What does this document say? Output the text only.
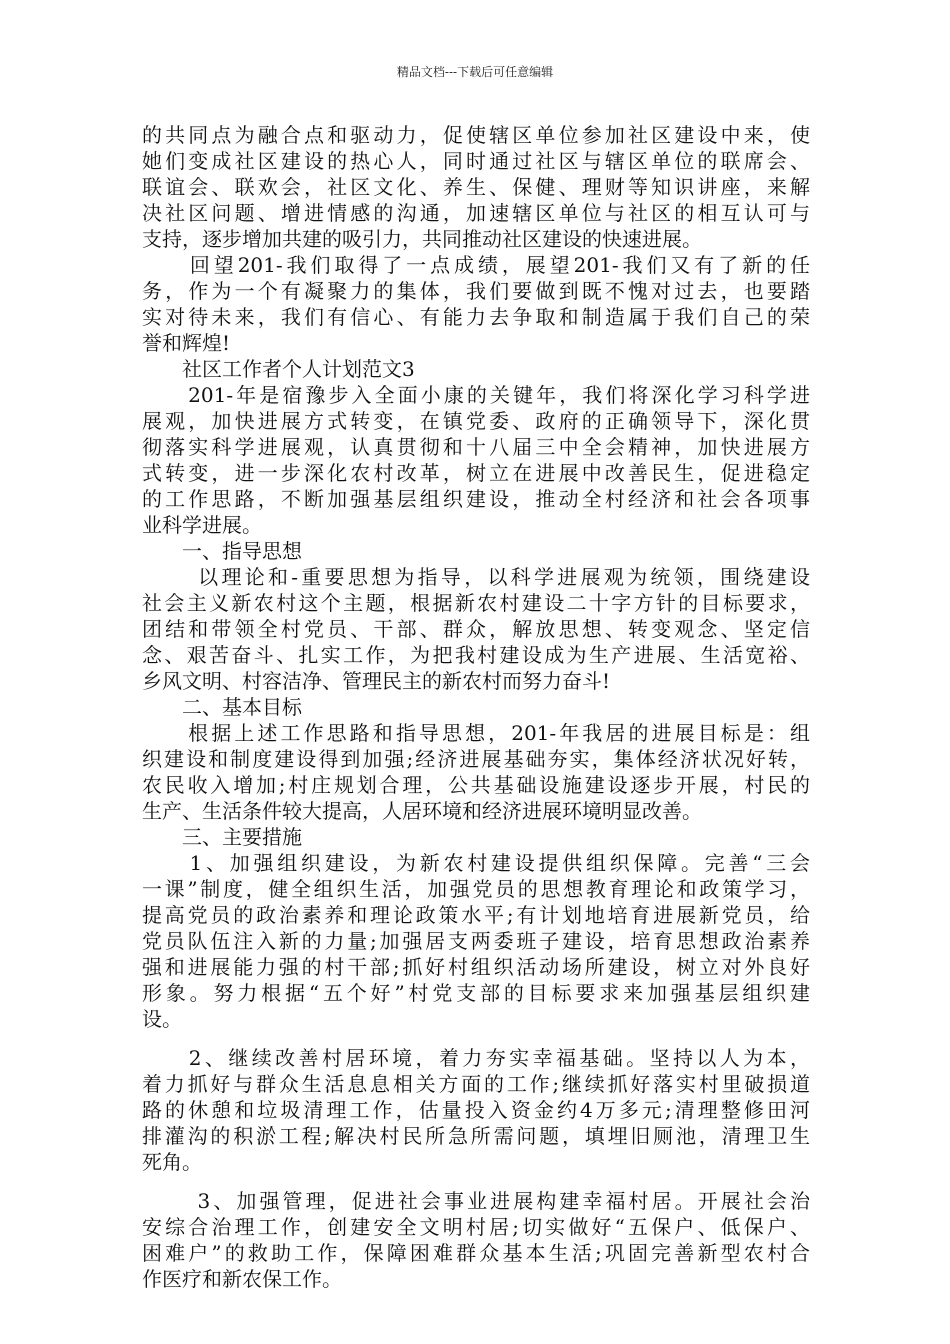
精品文档---下载后可任意编辑
的共同点为融合点和驱动力，促使辖区单位参加社区建设中来，使
她们变成社区建设的热心人，同时通过社区与辖区单位的联席会、
联谊会、联欢会，社区文化、养生、保健、理财等知识讲座，来解
决社区问题、增进情感的沟通，加速辖区单位与社区的相互认可与
支持，逐步增加共建的吸引力，共同推动社区建设的快速进展。
　　回望201-我们取得了一点成绩，展望201-我们又有了新的任
务，作为一个有凝聚力的集体，我们要做到既不愧对过去，也要踏
实对待未来，我们有信心、有能力去争取和制造属于我们自己的荣
誉和辉煌!
　　社区工作者个人计划范文3
　　201-年是宿豫步入全面小康的关键年，我们将深化学习科学进
展观，加快进展方式转变，在镇党委、政府的正确领导下，深化贯
彻落实科学进展观，认真贯彻和十八届三中全会精神，加快进展方
式转变，进一步深化农村改革，树立在进展中改善民生，促进稳定
的工作思路，不断加强基层组织建设，推动全村经济和社会各项事
业科学进展。
　　一、指导思想
　　 以理论和-重要思想为指导，以科学进展观为统领，围绕建设
社会主义新农村这个主题，根据新农村建设二十字方针的目标要求，
团结和带领全村党员、干部、群众，解放思想、转变观念、坚定信
念、艰苦奋斗、扎实工作，为把我村建设成为生产进展、生活宽裕、
乡风文明、村容洁净、管理民主的新农村而努力奋斗!
　　二、基本目标
　　根据上述工作思路和指导思想，201-年我居的进展目标是：组
织建设和制度建设得到加强;经济进展基础夯实，集体经济状况好转，
农民收入增加;村庄规划合理，公共基础设施建设逐步开展，村民的
生产、生活条件较大提高，人居环境和经济进展环境明显改善。
　　三、主要措施
　　1、加强组织建设，为新农村建设提供组织保障。完善“三会
一课”制度，健全组织生活，加强党员的思想教育理论和政策学习，
提高党员的政治素养和理论政策水平;有计划地培育进展新党员，给
党员队伍注入新的力量;加强居支两委班子建设，培育思想政治素养
强和进展能力强的村干部;抓好村组织活动场所建设，树立对外良好
形象。努力根据“五个好”村党支部的目标要求来加强基层组织建
设。
　　2、继续改善村居环境，着力夯实幸福基础。坚持以人为本，
着力抓好与群众生活息息相关方面的工作;继续抓好落实村里破损道
路的休憩和垃圾清理工作，估量投入资金约4万多元;清理整修田河
排灌沟的积淤工程;解决村民所急所需问题，填埋旧厕池，清理卫生
死角。
　　 3、加强管理，促进社会事业进展构建幸福村居。开展社会治
安综合治理工作，创建安全文明村居;切实做好“五保户、低保户、
困难户”的救助工作，保障困难群众基本生活;巩固完善新型农村合
作医疗和新农保工作。
